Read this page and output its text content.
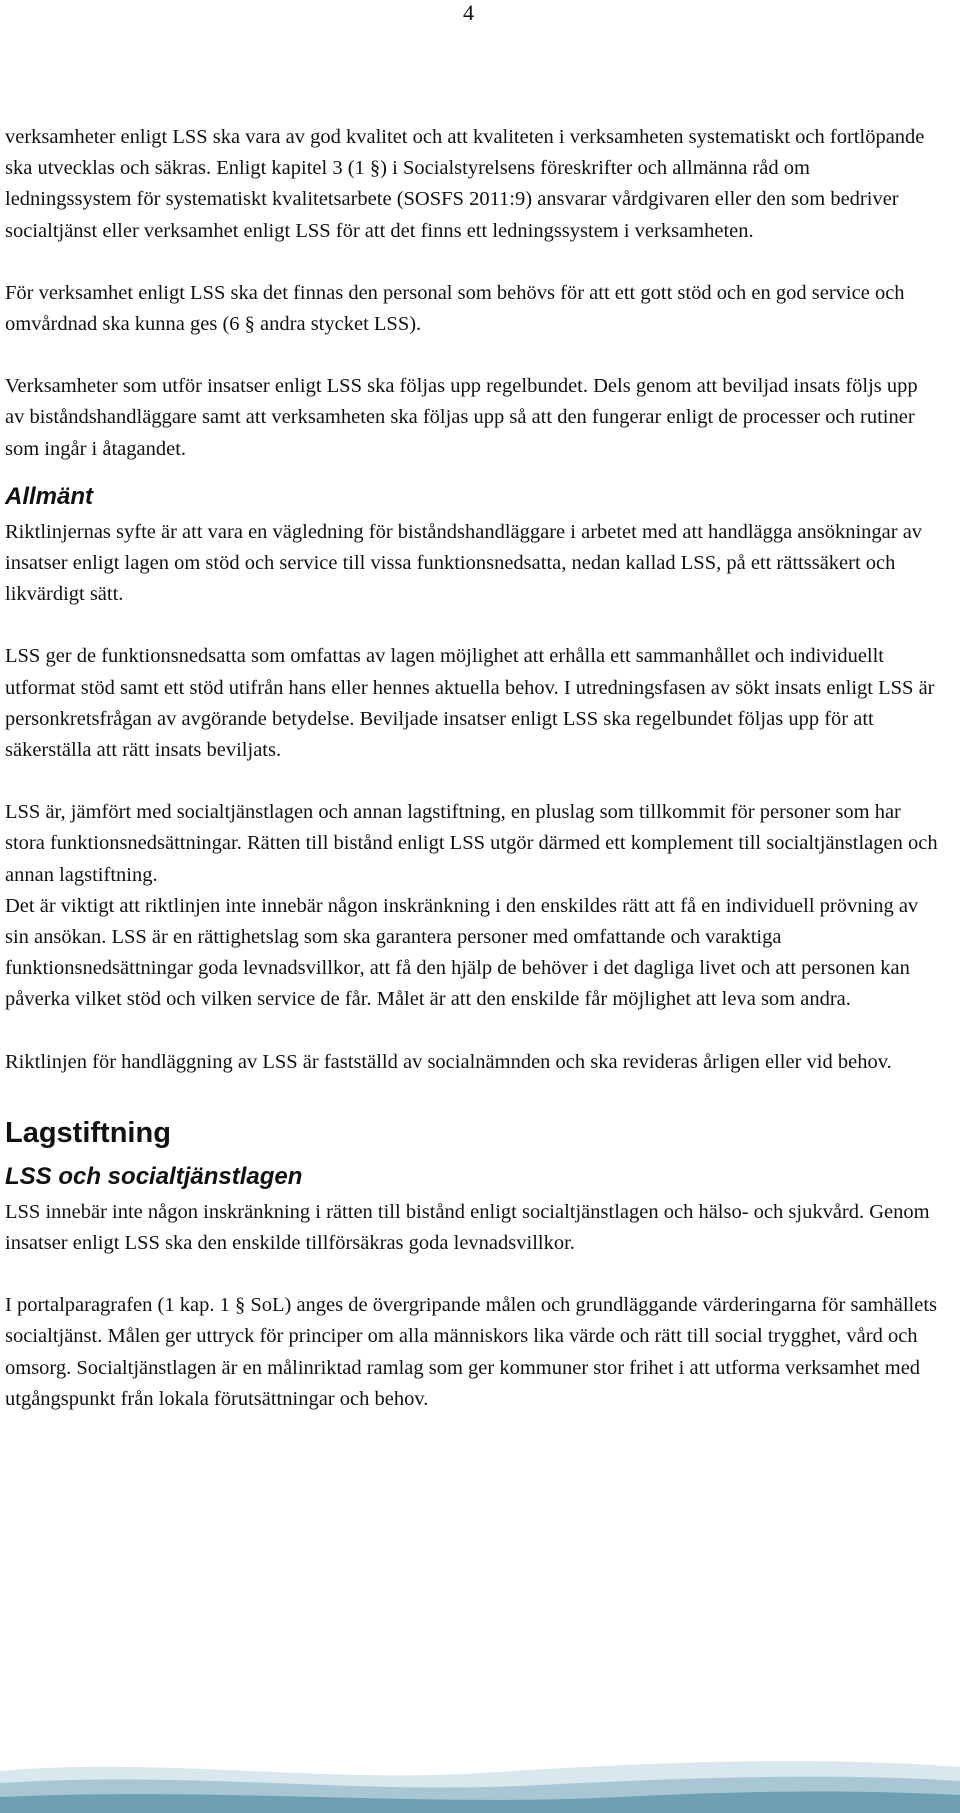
4

verksamheter enligt LSS ska vara av god kvalitet och att kvaliteten i verksamheten systematiskt och fortlöpande ska utvecklas och säkras. Enligt kapitel 3 (1 §) i Socialstyrelsens föreskrifter och allmänna råd om ledningssystem för systematiskt kvalitetsarbete (SOSFS 2011:9) ansvarar vårdgivaren eller den som bedriver socialtjänst eller verksamhet enligt LSS för att det finns ett ledningssystem i verksamheten.

För verksamhet enligt LSS ska det finnas den personal som behövs för att ett gott stöd och en god service och omvårdnad ska kunna ges (6 § andra stycket LSS).

Verksamheter som utför insatser enligt LSS ska följas upp regelbundet. Dels genom att beviljad insats följs upp av biståndshandläggare samt att verksamheten ska följas upp så att den fungerar enligt de processer och rutiner som ingår i åtagandet.

Allmänt

Riktlinjernas syfte är att vara en vägledning för biståndshandläggare i arbetet med att handlägga ansökningar av insatser enligt lagen om stöd och service till vissa funktionsnedsatta, nedan kallad LSS, på ett rättssäkert och likvärdigt sätt.

LSS ger de funktionsnedsatta som omfattas av lagen möjlighet att erhålla ett sammanhållet och individuellt utformat stöd samt ett stöd utifrån hans eller hennes aktuella behov. I utredningsfasen av sökt insats enligt LSS är personkretsfrågan av avgörande betydelse. Beviljade insatser enligt LSS ska regelbundet följas upp för att säkerställa att rätt insats beviljats.

LSS är, jämfört med socialtjänstlagen och annan lagstiftning, en pluslag som tillkommit för personer som har stora funktionsnedsättningar. Rätten till bistånd enligt LSS utgör därmed ett komplement till socialtjänstlagen och annan lagstiftning.

Det är viktigt att riktlinjen inte innebär någon inskränkning i den enskildes rätt att få en individuell prövning av sin ansökan. LSS är en rättighetslag som ska garantera personer med omfattande och varaktiga funktionsnedsättningar goda levnadsvillkor, att få den hjälp de behöver i det dagliga livet och att personen kan påverka vilket stöd och vilken service de får. Målet är att den enskilde får möjlighet att leva som andra.

Riktlinjen för handläggning av LSS är fastställd av socialnämnden och ska revideras årligen eller vid behov.

Lagstiftning
LSS och socialtjänstlagen

LSS innebär inte någon inskränkning i rätten till bistånd enligt socialtjänstlagen och hälso- och sjukvård. Genom insatser enligt LSS ska den enskilde tillförsäkras goda levnadsvillkor.

I portalparagrafen (1 kap. 1 § SoL) anges de övergripande målen och grundläggande värderingarna för samhällets socialtjänst. Målen ger uttryck för principer om alla människors lika värde och rätt till social trygghet, vård och omsorg. Socialtjänstlagen är en målinriktad ramlag som ger kommuner stor frihet i att utforma verksamhet med utgångspunkt från lokala förutsättningar och behov.
